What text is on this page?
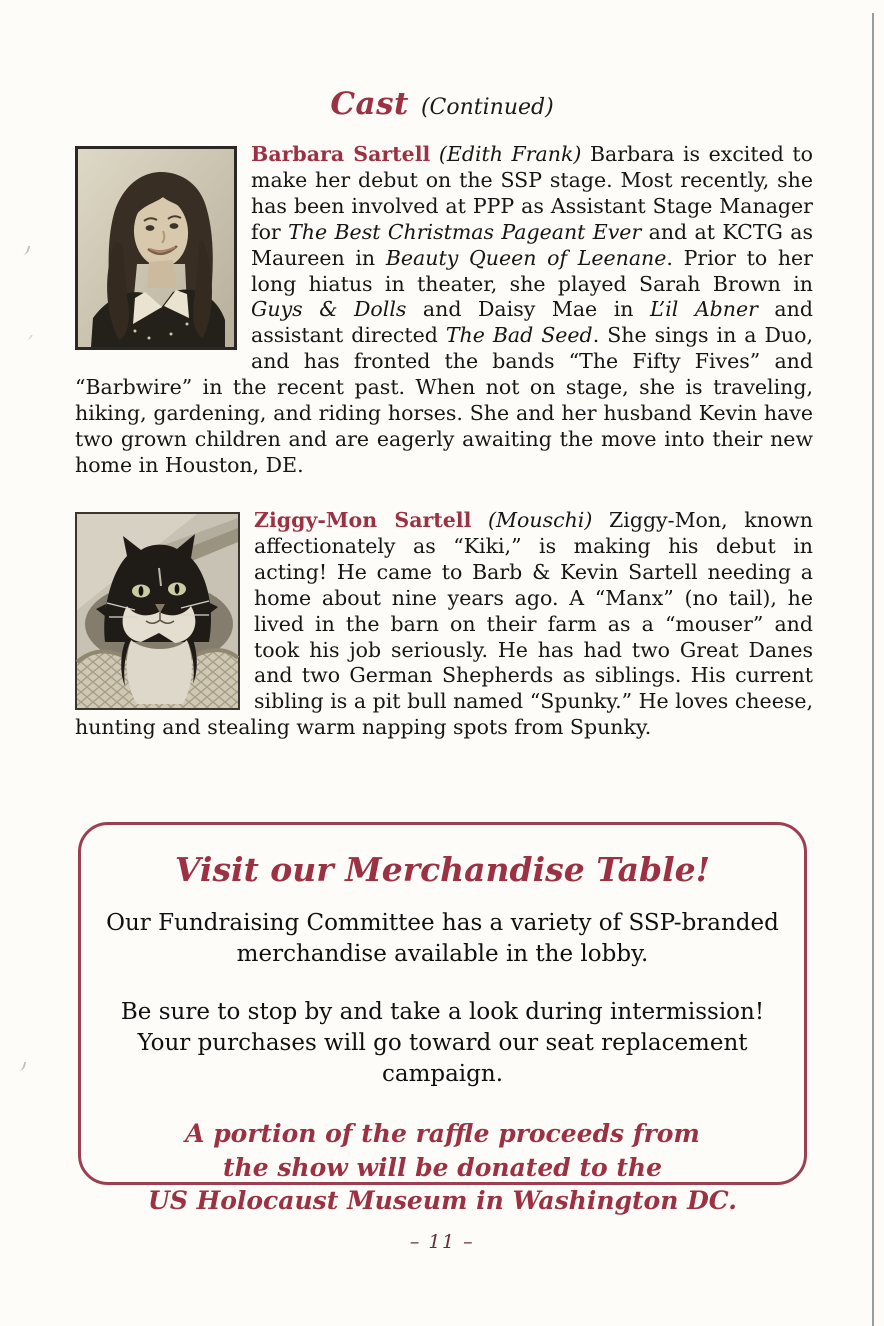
Cast (Continued)

Barbara Sartell (Edith Frank) Barbara is excited to make her debut on the SSP stage. Most recently, she has been involved at PPP as Assistant Stage Manager for The Best Christmas Pageant Ever and at KCTG as Maureen in Beauty Queen of Leenane. Prior to her long hiatus in theater, she played Sarah Brown in Guys & Dolls and Daisy Mae in L’il Abner and assistant directed The Bad Seed. She sings in a Duo, and has fronted the bands “The Fifty Fives” and “Barbwire” in the recent past. When not on stage, she is traveling, hiking, gardening, and riding horses. She and her husband Kevin have two grown children and are eagerly awaiting the move into their new home in Houston, DE.

Ziggy-Mon Sartell (Mouschi) Ziggy-Mon, known affectionately as “Kiki,” is making his debut in acting! He came to Barb & Kevin Sartell needing a home about nine years ago. A “Manx” (no tail), he lived in the barn on their farm as a “mouser” and took his job seriously. He has had two Great Danes and two German Shepherds as siblings. His current sibling is a pit bull named “Spunky.” He loves cheese, hunting and stealing warm napping spots from Spunky.

Visit our Merchandise Table!

Our Fundraising Committee has a variety of SSP-branded
merchandise available in the lobby.

Be sure to stop by and take a look during intermission!
Your purchases will go toward our seat replacement campaign.

A portion of the raffle proceeds from
the show will be donated to the
US Holocaust Museum in Washington DC.

– 11 –
